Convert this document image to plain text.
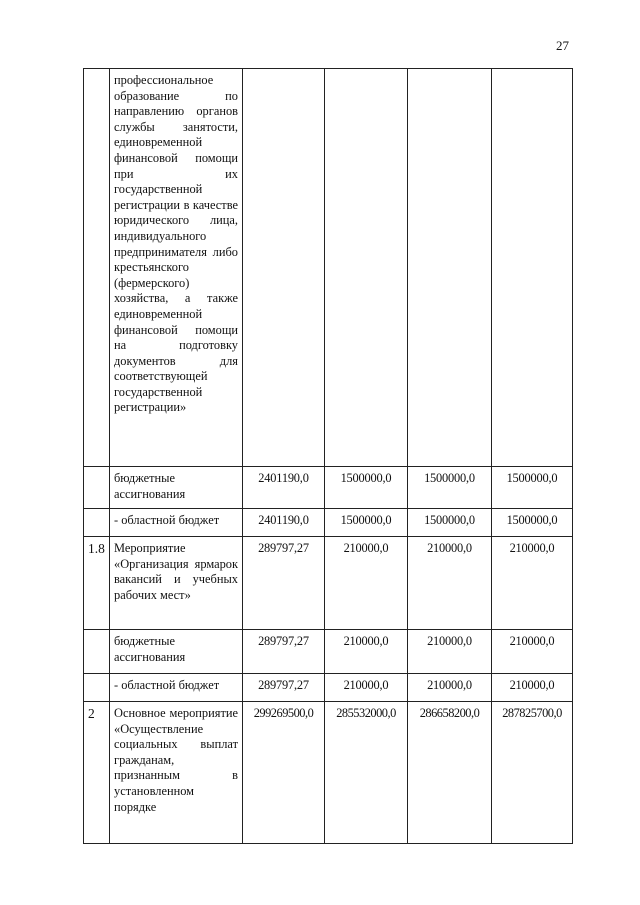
27
	профессиональное образование по направлению органов службы занятости, единовременной финансовой помощи при их государственной регистрации в качестве юридического лица, индивидуального предпринимателя либо крестьянского (фермерского) хозяйства, а также единовременной финансовой помощи на подготовку документов для соответствующей государственной регистрации»				
	бюджетные ассигнования	2401190,0	1500000,0	1500000,0	1500000,0
	- областной бюджет	2401190,0	1500000,0	1500000,0	1500000,0
1.8	Мероприятие «Организация ярмарок вакансий и учебных рабочих мест»	289797,27	210000,0	210000,0	210000,0
	бюджетные ассигнования	289797,27	210000,0	210000,0	210000,0
	- областной бюджет	289797,27	210000,0	210000,0	210000,0
2	Основное мероприятие «Осуществление социальных выплат гражданам, признанным в установленном порядке	299269500,0	285532000,0	286658200,0	287825700,0
